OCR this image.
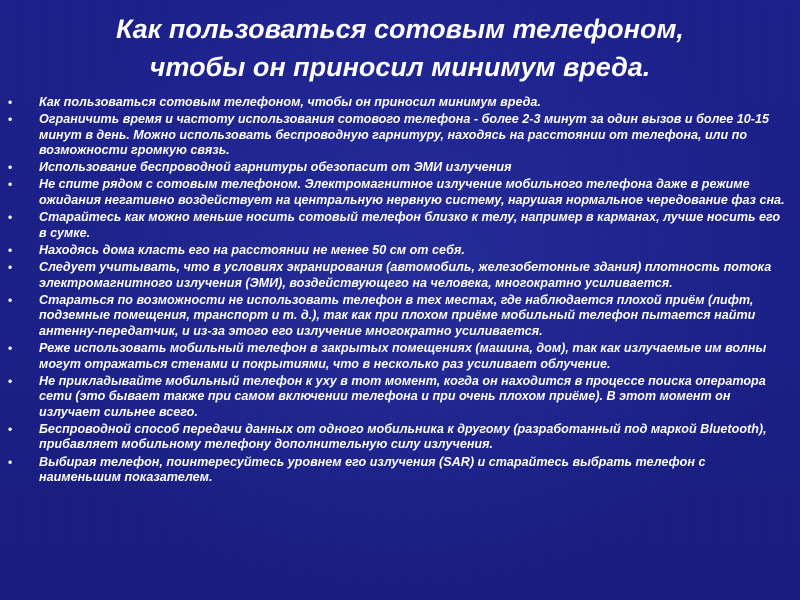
Как пользоваться сотовым телефоном,
чтобы он приносил минимум вреда.
• Как пользоваться сотовым телефоном, чтобы он приносил минимум вреда.
• Ограничить время и частоту использования сотового телефона - более 2-3 минут за один вызов и более 10-15 минут в день. Можно использовать беспроводную гарнитуру, находясь на расстоянии от телефона, или по возможности громкую связь.
• Использование беспроводной гарнитуры обезопасит от ЭМИ излучения
• Не спите рядом с сотовым телефоном. Электромагнитное излучение мобильного телефона даже в режиме ожидания негативно воздействует на центральную нервную систему, нарушая нормальное чередование фаз сна.
• Старайтесь как можно меньше носить сотовый телефон близко к телу, например в карманах, лучше носить его в сумке.
• Находясь дома класть его на расстоянии не менее 50 см от себя.
• Следует учитывать, что в условиях экранирования (автомобиль, железобетонные здания) плотность потока электромагнитного излучения (ЭМИ), воздействующего на человека, многократно усиливается.
• Стараться по возможности не использовать телефон в тех местах, где наблюдается плохой приём (лифт, подземные помещения, транспорт и т. д.), так как при плохом приёме мобильный телефон пытается найти антенну-передатчик, и из-за этого его излучение многократно усиливается.
• Реже использовать мобильный телефон в закрытых помещениях (машина, дом), так как излучаемые им волны могут отражаться стенами и покрытиями, что в несколько раз усиливает облучение.
• Не прикладывайте мобильный телефон к уху в тот момент, когда он находится в процессе поиска оператора сети (это бывает также при самом включении телефона и при очень плохом приёме). В этот момент он излучает сильнее всего.
• Беспроводной способ передачи данных от одного мобильника к другому (разработанный под маркой Bluetooth), прибавляет мобильному телефону дополнительную силу излучения.
• Выбирая телефон, поинтересуйтесь уровнем его излучения (SAR) и старайтесь выбрать телефон с наименьшим показателем.
